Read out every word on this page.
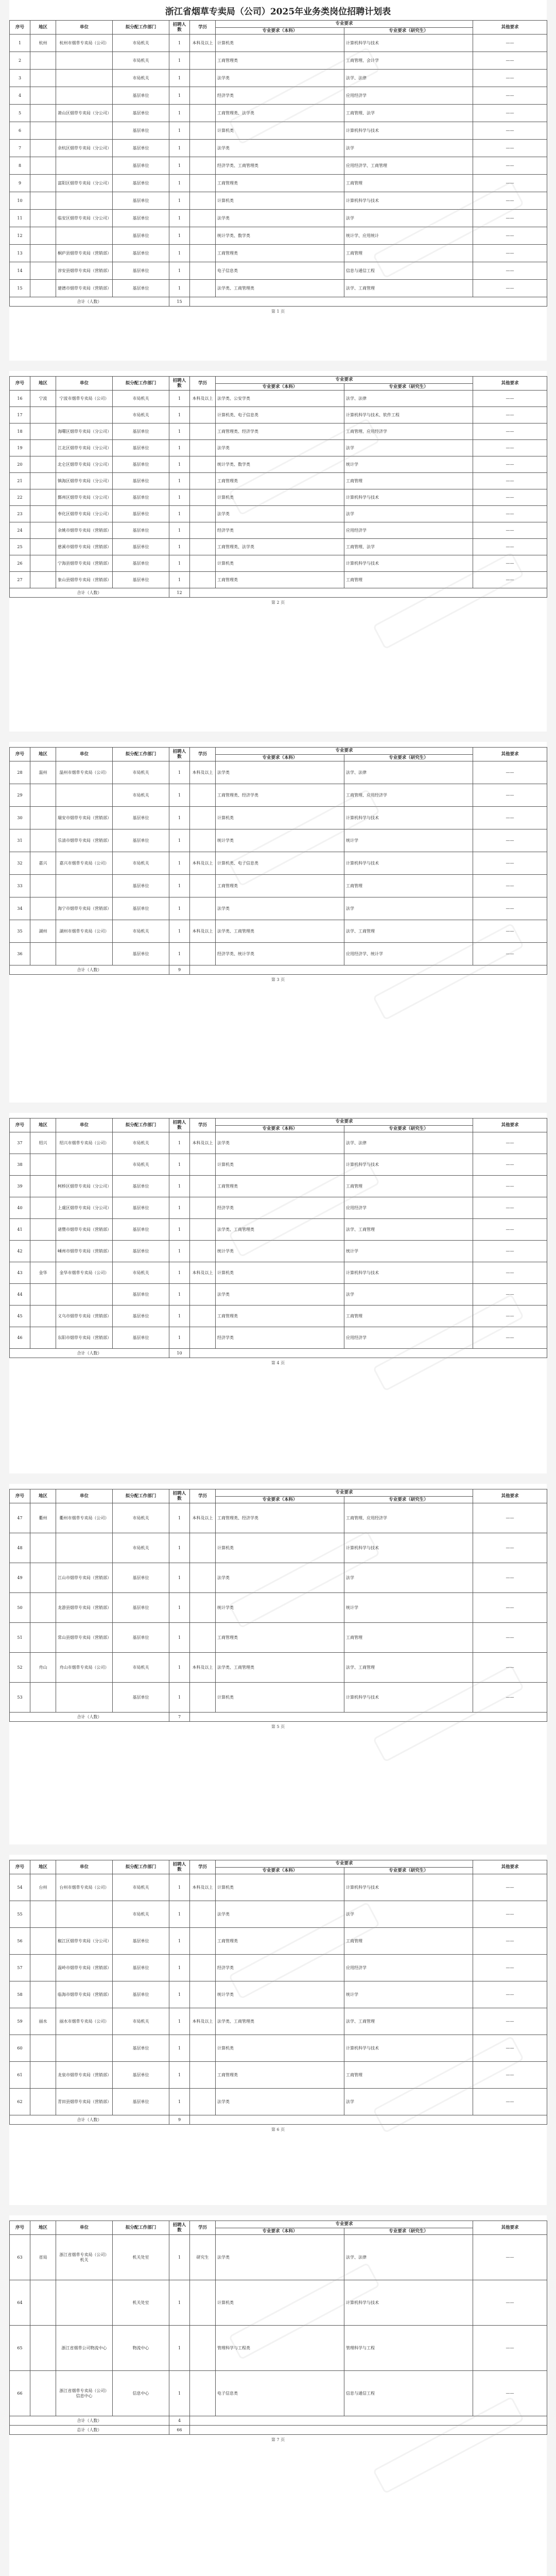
浙江省烟草专卖局（公司）2025年业务类岗位招聘计划表
序号	地区	单位	拟分配工作部门	招聘人数	学历	专业要求		其他要求
						专业要求（本科）	专业要求（研究生）	
1	杭州	杭州市烟草专卖局（公司）	市局机关	1	本科及以上	计算机类	计算机科学与技术	——
2			市局机关	1		工商管理类	工商管理、会计学	——
3			市局机关	1		法学类	法学、法律	——
4			基层单位	1		经济学类	应用经济学	——
5		萧山区烟草专卖局（分公司）	基层单位	1		工商管理类、法学类	工商管理、法学	——
6			基层单位	1		计算机类	计算机科学与技术	——
7		余杭区烟草专卖局（分公司）	基层单位	1		法学类	法学	——
8			基层单位	1		经济学类、工商管理类	应用经济学、工商管理	——
9		富阳区烟草专卖局（分公司）	基层单位	1		工商管理类	工商管理	——
10			基层单位	1		计算机类	计算机科学与技术	——
11		临安区烟草专卖局（分公司）	基层单位	1		法学类	法学	——
12			基层单位	1		统计学类、数学类	统计学、应用统计	——
13		桐庐县烟草专卖局（营销部）	基层单位	1		工商管理类	工商管理	——
14		淳安县烟草专卖局（营销部）	基层单位	1		电子信息类	信息与通信工程	——
15		建德市烟草专卖局（营销部）	基层单位	1		法学类、工商管理类	法学、工商管理	——
合计（人数）				15				
第 1 页
序号	地区	单位	拟分配工作部门	招聘人数	学历	专业要求		其他要求
						专业要求（本科）	专业要求（研究生）	
16	宁波	宁波市烟草专卖局（公司）	市局机关	1	本科及以上	法学类、公安学类	法学、法律	——
17			市局机关	1		计算机类、电子信息类	计算机科学与技术、软件工程	——
18		海曙区烟草专卖局（分公司）	基层单位	1		工商管理类、经济学类	工商管理、应用经济学	——
19		江北区烟草专卖局（分公司）	基层单位	1		法学类	法学	——
20		北仑区烟草专卖局（分公司）	基层单位	1		统计学类、数学类	统计学	——
21		镇海区烟草专卖局（分公司）	基层单位	1		工商管理类	工商管理	——
22		鄞州区烟草专卖局（分公司）	基层单位	1		计算机类	计算机科学与技术	——
23		奉化区烟草专卖局（分公司）	基层单位	1		法学类	法学	——
24		余姚市烟草专卖局（营销部）	基层单位	1		经济学类	应用经济学	——
25		慈溪市烟草专卖局（营销部）	基层单位	1		工商管理类、法学类	工商管理、法学	——
26		宁海县烟草专卖局（营销部）	基层单位	1		计算机类	计算机科学与技术	——
27		象山县烟草专卖局（营销部）	基层单位	1		工商管理类	工商管理	——
合计（人数）				12				
第 2 页
序号	地区	单位	拟分配工作部门	招聘人数	学历	专业要求		其他要求
						专业要求（本科）	专业要求（研究生）	
28	温州	温州市烟草专卖局（公司）	市局机关	1	本科及以上	法学类	法学、法律	——
29			市局机关	1		工商管理类、经济学类	工商管理、应用经济学	——
30		瑞安市烟草专卖局（营销部）	基层单位	1		计算机类	计算机科学与技术	——
31		乐清市烟草专卖局（营销部）	基层单位	1		统计学类	统计学	——
32	嘉兴	嘉兴市烟草专卖局（公司）	市局机关	1	本科及以上	计算机类、电子信息类	计算机科学与技术	——
33			基层单位	1		工商管理类	工商管理	——
34		海宁市烟草专卖局（营销部）	基层单位	1		法学类	法学	——
35	湖州	湖州市烟草专卖局（公司）	市局机关	1	本科及以上	法学类、工商管理类	法学、工商管理	——
36			基层单位	1		经济学类、统计学类	应用经济学、统计学	——
合计（人数）				9				
第 3 页
序号	地区	单位	拟分配工作部门	招聘人数	学历	专业要求		其他要求
						专业要求（本科）	专业要求（研究生）	
37	绍兴	绍兴市烟草专卖局（公司）	市局机关	1	本科及以上	法学类	法学、法律	——
38			市局机关	1		计算机类	计算机科学与技术	——
39		柯桥区烟草专卖局（分公司）	基层单位	1		工商管理类	工商管理	——
40		上虞区烟草专卖局（分公司）	基层单位	1		经济学类	应用经济学	——
41		诸暨市烟草专卖局（营销部）	基层单位	1		法学类、工商管理类	法学、工商管理	——
42		嵊州市烟草专卖局（营销部）	基层单位	1		统计学类	统计学	——
43	金华	金华市烟草专卖局（公司）	市局机关	1	本科及以上	计算机类	计算机科学与技术	——
44			基层单位	1		法学类	法学	——
45		义乌市烟草专卖局（营销部）	基层单位	1		工商管理类	工商管理	——
46		东阳市烟草专卖局（营销部）	基层单位	1		经济学类	应用经济学	——
合计（人数）				10				
第 4 页
序号	地区	单位	拟分配工作部门	招聘人数	学历	专业要求		其他要求
						专业要求（本科）	专业要求（研究生）	
47	衢州	衢州市烟草专卖局（公司）	市局机关	1	本科及以上	工商管理类、经济学类	工商管理、应用经济学	——
48			市局机关	1		计算机类	计算机科学与技术	——
49		江山市烟草专卖局（营销部）	基层单位	1		法学类	法学	——
50		龙游县烟草专卖局（营销部）	基层单位	1		统计学类	统计学	——
51		常山县烟草专卖局（营销部）	基层单位	1		工商管理类	工商管理	——
52	舟山	舟山市烟草专卖局（公司）	市局机关	1	本科及以上	法学类、工商管理类	法学、工商管理	——
53			基层单位	1		计算机类	计算机科学与技术	——
合计（人数）				7				
第 5 页
序号	地区	单位	拟分配工作部门	招聘人数	学历	专业要求		其他要求
						专业要求（本科）	专业要求（研究生）	
54	台州	台州市烟草专卖局（公司）	市局机关	1	本科及以上	计算机类	计算机科学与技术	——
55			市局机关	1		法学类	法学	——
56		椒江区烟草专卖局（分公司）	基层单位	1		工商管理类	工商管理	——
57		温岭市烟草专卖局（营销部）	基层单位	1		经济学类	应用经济学	——
58		临海市烟草专卖局（营销部）	基层单位	1		统计学类	统计学	——
59	丽水	丽水市烟草专卖局（公司）	市局机关	1	本科及以上	法学类、工商管理类	法学、工商管理	——
60			基层单位	1		计算机类	计算机科学与技术	——
61		龙泉市烟草专卖局（营销部）	基层单位	1		工商管理类	工商管理	——
62		青田县烟草专卖局（营销部）	基层单位	1		法学类	法学	——
合计（人数）				9				
第 6 页
序号	地区	单位	拟分配工作部门	招聘人数	学历	专业要求		其他要求
						专业要求（本科）	专业要求（研究生）	
63	省局	浙江省烟草专卖局（公司）机关	机关处室	1	研究生	法学类	法学、法律	——
64			机关处室	1		计算机类	计算机科学与技术	——
65		浙江省烟草公司物流中心	物流中心	1		管理科学与工程类	管理科学与工程	——
66		浙江省烟草专卖局（公司）信息中心	信息中心	1		电子信息类	信息与通信工程	——
合计（人数）				4				
总计（人数）				66				
第 7 页
